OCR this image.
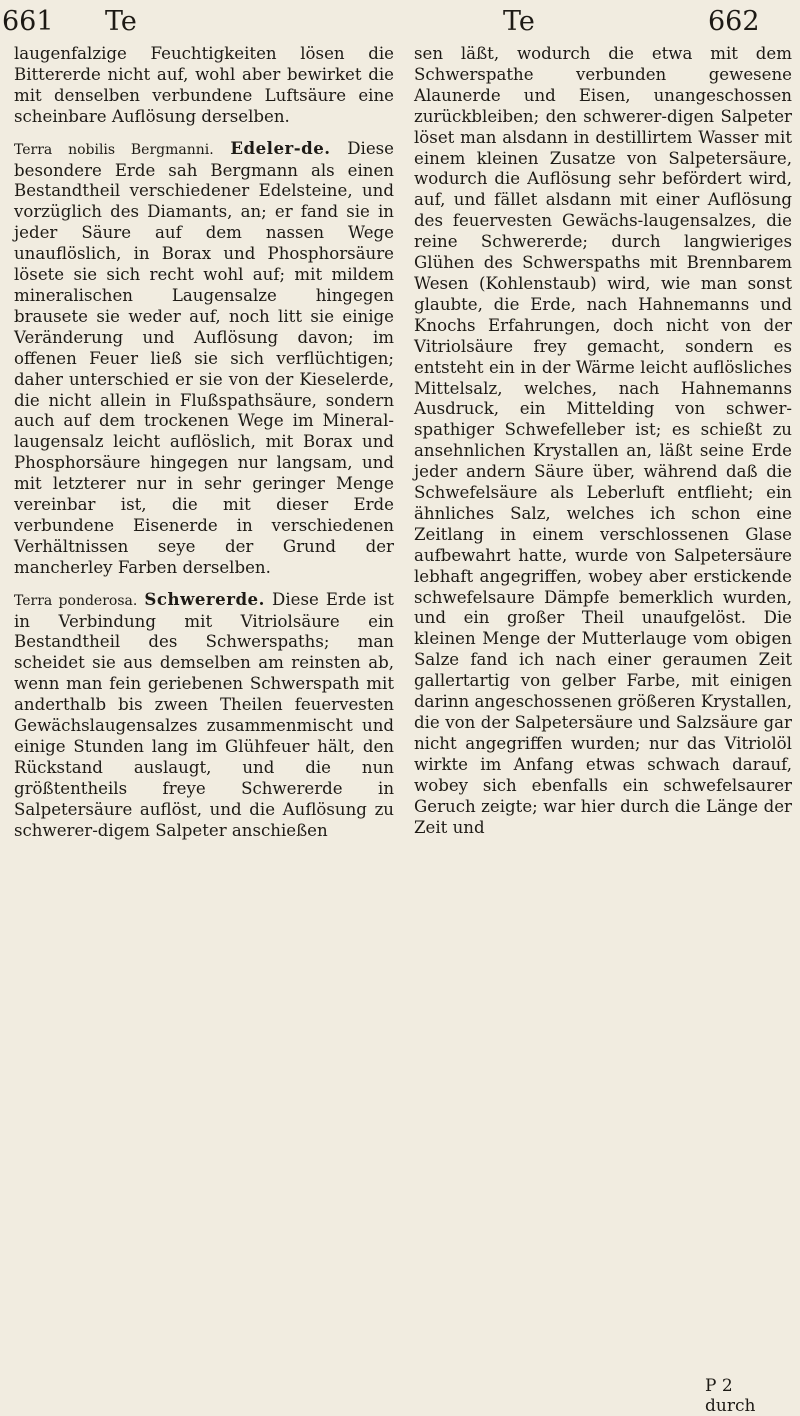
661 Te	Te	662

laugenfalzige Feuchtigkeiten lösen die Bittererde nicht auf, wohl aber bewirket die mit denselben verbundene Luftsäure eine scheinbare Auflösung derselben.

Terra nobilis Bergmanni. Edeler-de. Diese besondere Erde sah Bergmann als einen Bestandtheil verschiedener Edelsteine, und vorzüglich des Diamants, an; er fand sie in jeder Säure auf dem nassen Wege unauflöslich, in Borax und Phosphorsäure lösete sie sich recht wohl auf; mit mildem mineralischen Laugensalze hingegen brausete sie weder auf, noch litt sie einige Veränderung und Auflösung davon; im offenen Feuer ließ sie sich verflüchtigen; daher unterschied er sie von der Kieselerde, die nicht allein in Flußspathsäure, sondern auch auf dem trockenen Wege im Mineral-laugensalz leicht auflöslich, mit Borax und Phosphorsäure hingegen nur langsam, und mit letzterer nur in sehr geringer Menge vereinbar ist, die mit dieser Erde verbundene Eisenerde in verschiedenen Verhältnissen seye der Grund der mancherley Farben derselben.

Terra ponderosa. Schwererde. Diese Erde ist in Verbindung mit Vitriolsäure ein Bestandtheil des Schwerspaths; man scheidet sie aus demselben am reinsten ab, wenn man fein geriebenen Schwerspath mit anderthalb bis zween Theilen feuervesten Gewächslaugensalzes zusammenmischt und einige Stunden lang im Glühfeuer hält, den Rückstand auslaugt, und die nun größtentheils freye Schwererde in Salpetersäure auflöst, und die Auflösung zu schwerer-digem Salpeter anschießen

sen läßt, wodurch die etwa mit dem Schwerspathe verbunden gewesene Alaunerde und Eisen, unangeschossen zurückbleiben; den schwerer-digen Salpeter löset man alsdann in destillirtem Wasser mit einem kleinen Zusatze von Salpetersäure, wodurch die Auflösung sehr befördert wird, auf, und fället alsdann mit einer Auflösung des feuervesten Gewächs-laugensalzes, die reine Schwererde; durch langwieriges Glühen des Schwerspaths mit Brennbarem Wesen (Kohlenstaub) wird, wie man sonst glaubte, die Erde, nach Hahnemanns und Knochs Erfahrungen, doch nicht von der Vitriolsäure frey gemacht, sondern es entsteht ein in der Wärme leicht auflösliches Mittelsalz, welches, nach Hahnemanns Ausdruck, ein Mittelding von schwer-spathiger Schwefelleber ist; es schießt zu ansehnlichen Krystallen an, läßt seine Erde jeder andern Säure über, während daß die Schwefelsäure als Leberluft entflieht; ein ähnliches Salz, welches ich schon eine Zeitlang in einem verschlossenen Glase aufbewahrt hatte, wurde von Salpetersäure lebhaft angegriffen, wobey aber erstickende schwefelsaure Dämpfe bemerklich wurden, und ein großer Theil unaufgelöst. Die kleinen Menge der Mutterlauge vom obigen Salze fand ich nach einer geraumen Zeit gallertartig von gelber Farbe, mit einigen darinn angeschossenen größeren Krystallen, die von der Salpetersäure und Salzsäure gar nicht angegriffen wurden; nur das Vitriolöl wirkte im Anfang etwas schwach darauf, wobey sich ebenfalls ein schwefelsaurer Geruch zeigte; war hier durch die Länge der Zeit und

P 2 durch
